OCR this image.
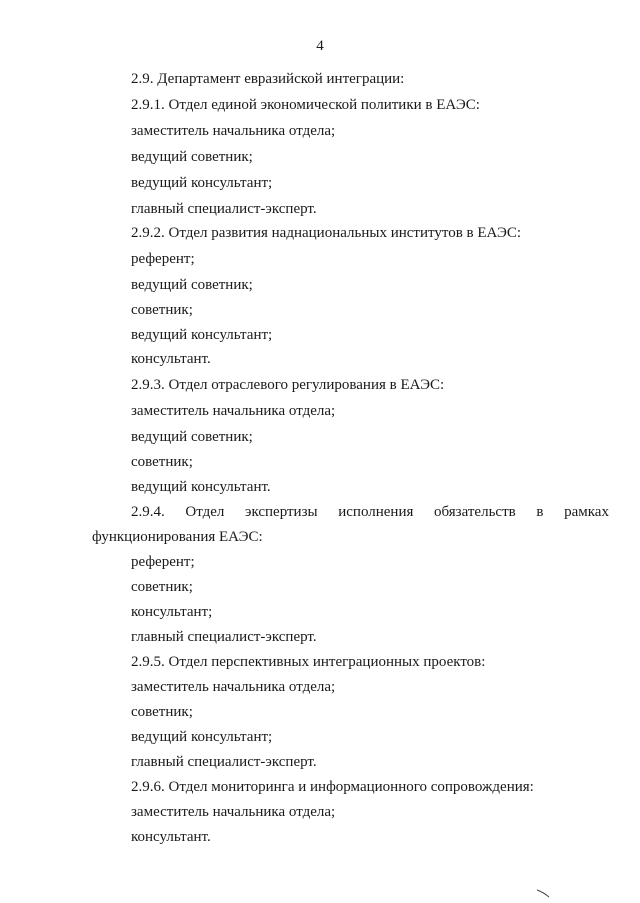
4
2.9. Департамент евразийской интеграции:
2.9.1. Отдел единой экономической политики в ЕАЭС:
заместитель начальника отдела;
ведущий советник;
ведущий консультант;
главный специалист-эксперт.
2.9.2. Отдел развития наднациональных институтов в ЕАЭС:
референт;
ведущий советник;
советник;
ведущий консультант;
консультант.
2.9.3. Отдел отраслевого регулирования в ЕАЭС:
заместитель начальника отдела;
ведущий советник;
советник;
ведущий консультант.
2.9.4. Отдел экспертизы исполнения обязательств в рамках
функционирования ЕАЭС:
референт;
советник;
консультант;
главный специалист-эксперт.
2.9.5. Отдел перспективных интеграционных проектов:
заместитель начальника отдела;
советник;
ведущий консультант;
главный специалист-эксперт.
2.9.6. Отдел мониторинга и информационного сопровождения:
заместитель начальника отдела;
консультант.
